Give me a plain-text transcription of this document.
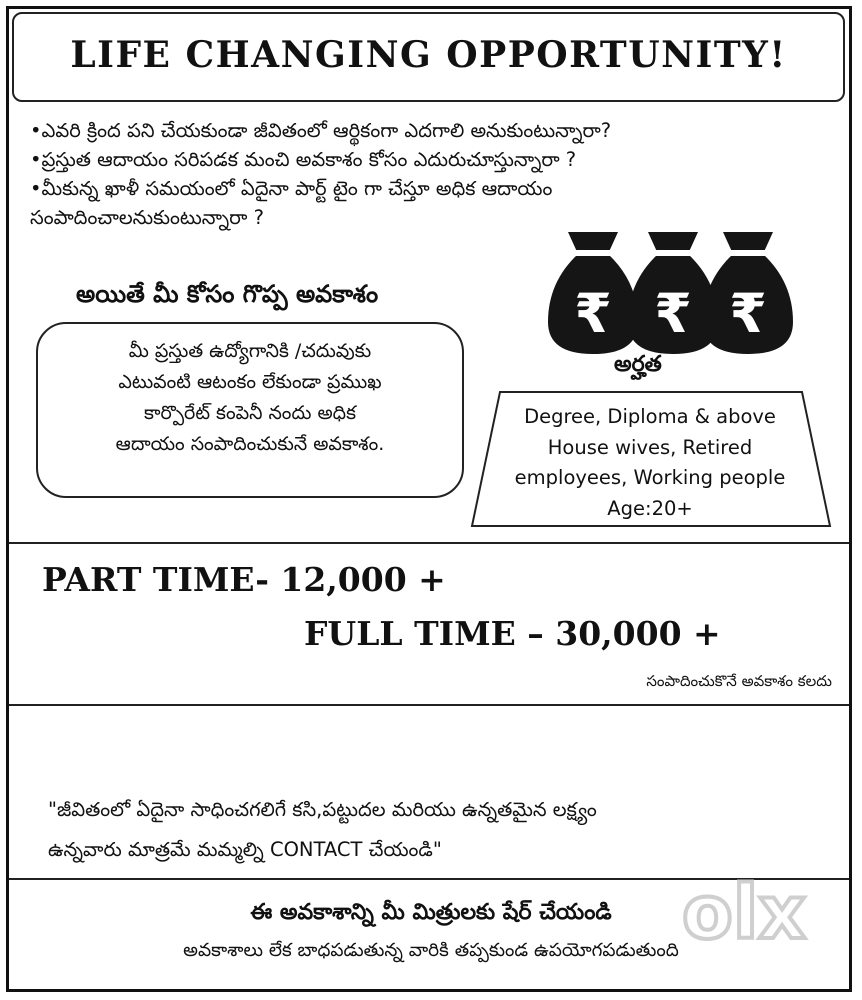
LIFE CHANGING OPPORTUNITY!
•ఎవరి క్రింద పని చేయకుండా జీవితంలో ఆర్థికంగా ఎదగాలి అనుకుంటున్నారా?
•ప్రస్తుత ఆదాయం సరిపడక మంచి అవకాశం కోసం ఎదురుచూస్తున్నారా ?
•మీకున్న ఖాళీ సమయంలో ఏదైనా పార్ట్ టైం గా చేస్తూ అధిక ఆదాయం
సంపాదించాలనుకుంటున్నారా ?
అయితే మీ కోసం గొప్ప అవకాశం	₹ ₹ ₹
అర్హత
మీ ప్రస్తుత ఉద్యోగానికి /చదువుకు
ఎటువంటి ఆటంకం లేకుండా ప్రముఖ
కార్పొరేట్ కంపెనీ నందు అధిక
ఆదాయం సంపాదించుకునే అవకాశం.
Degree, Diploma & above
House wives, Retired
employees, Working people
Age:20+
PART TIME- 12,000 +
FULL TIME – 30,000 +
సంపాదించుకొనే అవకాశం కలదు
"జీవితంలో ఏదైనా సాధించగలిగే కసి,పట్టుదల మరియు ఉన్నతమైన లక్ష్యం
ఉన్నవారు మాత్రమే మమ్మల్ని CONTACT చేయండి"
olx
ఈ అవకాశాన్ని మీ మిత్రులకు షేర్ చేయండి
అవకాశాలు లేక బాధపడుతున్న వారికి తప్పకుండ ఉపయోగపడుతుంది
